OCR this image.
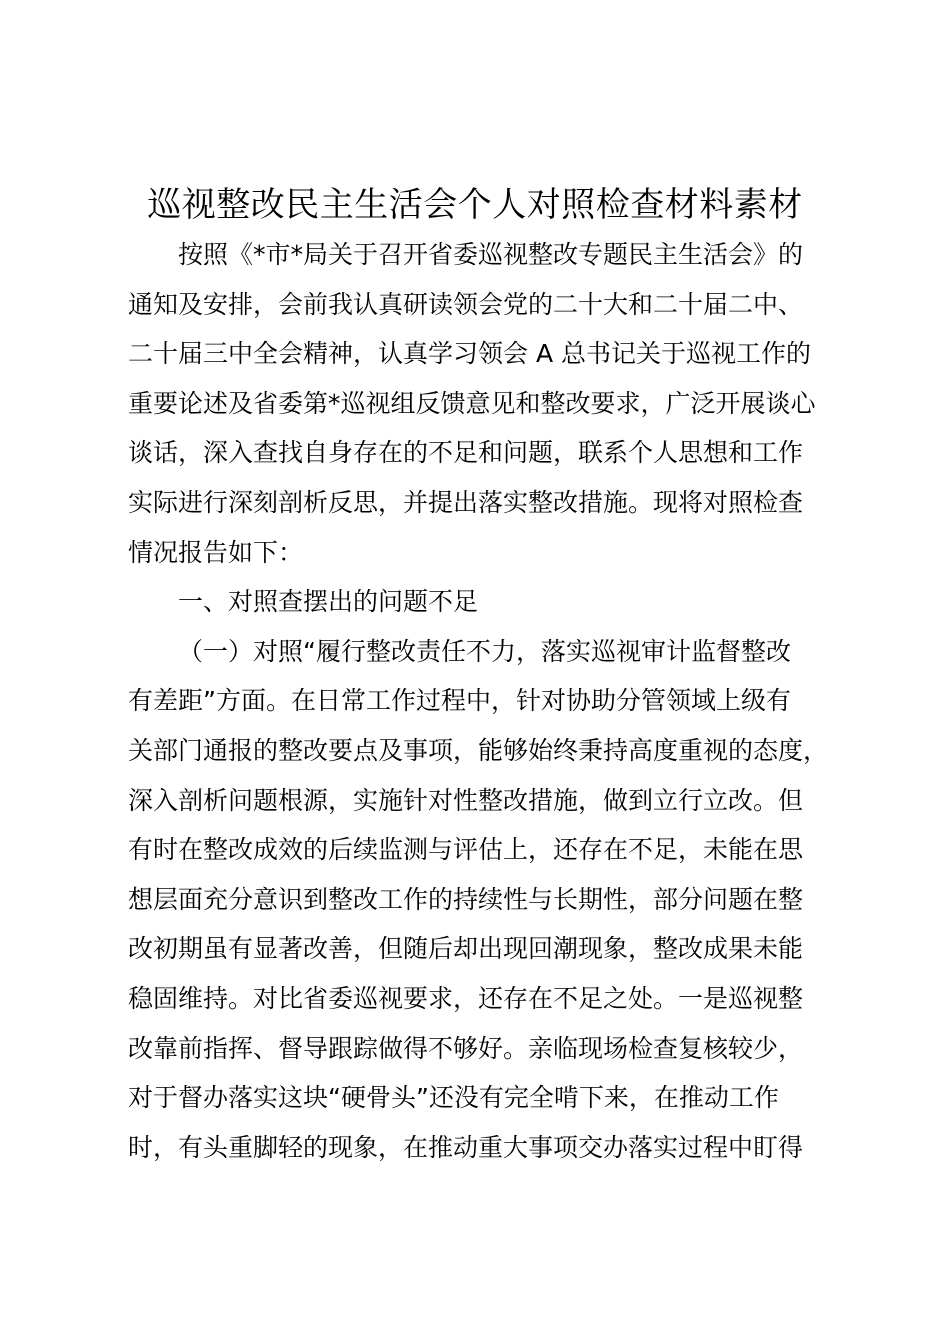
巡视整改民主生活会个人对照检查材料素材
按照《*市*局关于召开省委巡视整改专题民主生活会》的
通知及安排，会前我认真研读领会党的二十大和二十届二中、
二十届三中全会精神，认真学习领会 A 总书记关于巡视工作的
重要论述及省委第*巡视组反馈意见和整改要求，广泛开展谈心
谈话，深入查找自身存在的不足和问题，联系个人思想和工作
实际进行深刻剖析反思，并提出落实整改措施。现将对照检查
情况报告如下：
一、对照查摆出的问题不足
（一）对照“履行整改责任不力，落实巡视审计监督整改
有差距”方面。在日常工作过程中，针对协助分管领域上级有
关部门通报的整改要点及事项，能够始终秉持高度重视的态度，
深入剖析问题根源，实施针对性整改措施，做到立行立改。但
有时在整改成效的后续监测与评估上，还存在不足，未能在思
想层面充分意识到整改工作的持续性与长期性，部分问题在整
改初期虽有显著改善，但随后却出现回潮现象，整改成果未能
稳固维持。对比省委巡视要求，还存在不足之处。一是巡视整
改靠前指挥、督导跟踪做得不够好。亲临现场检查复核较少，
对于督办落实这块“硬骨头”还没有完全啃下来，在推动工作
时，有头重脚轻的现象，在推动重大事项交办落实过程中盯得
